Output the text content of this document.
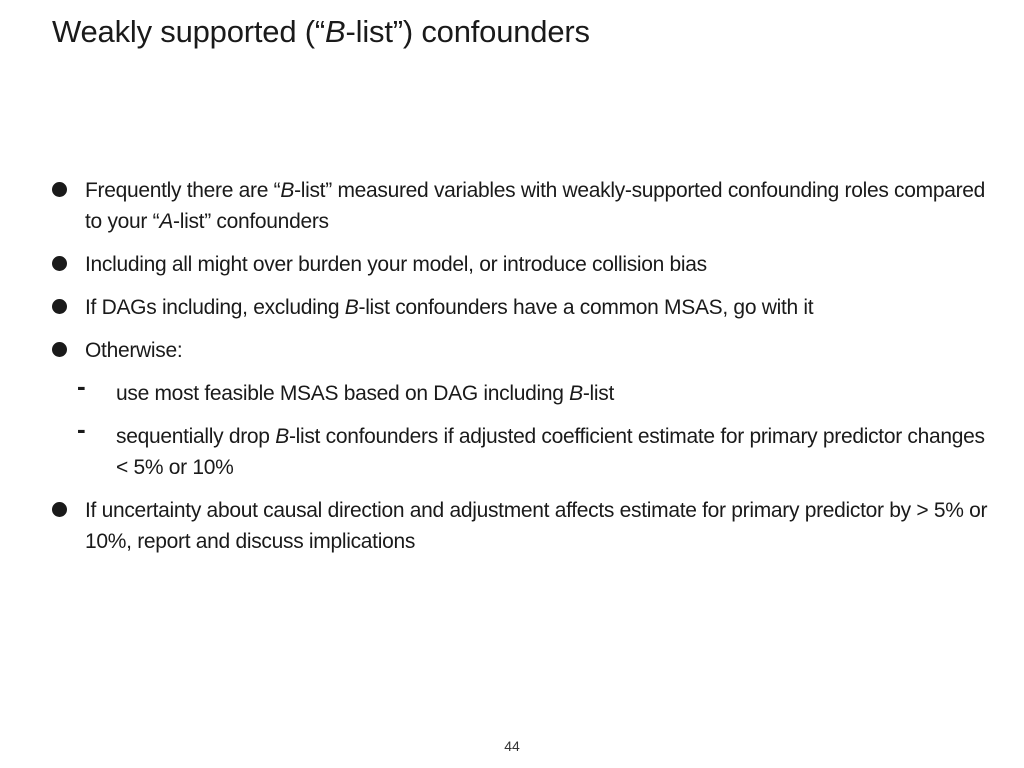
Weakly supported (“B-list”) confounders
Frequently there are “B-list” measured variables with weakly-supported confounding roles compared to your “A-list” confounders
Including all might over burden your model, or introduce collision bias
If DAGs including, excluding B-list confounders have a common MSAS, go with it
Otherwise:
- use most feasible MSAS based on DAG including B-list
- sequentially drop B-list confounders if adjusted coefficient estimate for primary predictor changes < 5% or 10%
If uncertainty about causal direction and adjustment affects estimate for primary predictor by > 5% or 10%, report and discuss implications
44
